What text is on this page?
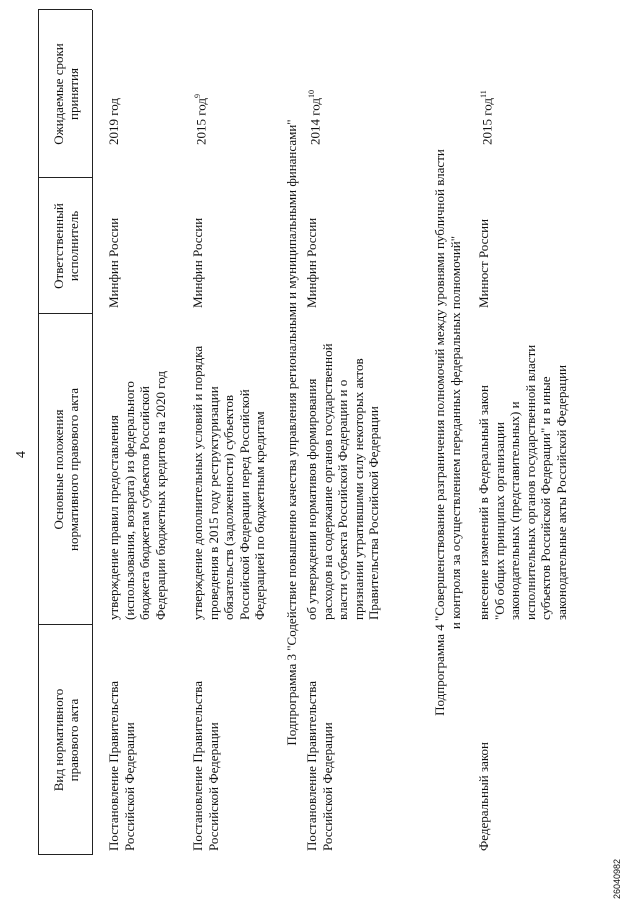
4
Вид нормативного правового акта
Основные положения нормативного правового акта
Ответственный исполнитель
Ожидаемые сроки принятия
Постановление Правительства Российской Федерации
утверждение правил предоставления (использования, возврата) из федерального бюджета бюджетам субъектов Российской Федерации бюджетных кредитов на 2020 год
Минфин России
2019 год
Постановление Правительства Российской Федерации
утверждение дополнительных условий и порядка проведения в 2015 году реструктуризации обязательств (задолженности) субъектов Российской Федерации перед Российской Федерацией по бюджетным кредитам
Минфин России
2015 год$^9$
Подпрограмма 3 "Содействие повышению качества управления региональными и муниципальными финансами"
Постановление Правительства Российской Федерации
об утверждении нормативов формирования расходов на содержание органов государственной власти субъекта Российской Федерации и о признании утратившими силу некоторых актов Правительства Российской Федерации
Минфин России
2014 год$^{10}$
Подпрограмма 4 "Совершенствование разграничения полномочий между уровнями публичной власти и контроля за осуществлением переданных федеральных полномочий"
Федеральный закон
внесение изменений в Федеральный закон "Об общих принципах организации законодательных (представительных) и исполнительных органов государственной власти субъектов Российской Федерации" и в иные законодательные акты Российской Федерации
Минюст России
2015 год$^{11}$
26040982
